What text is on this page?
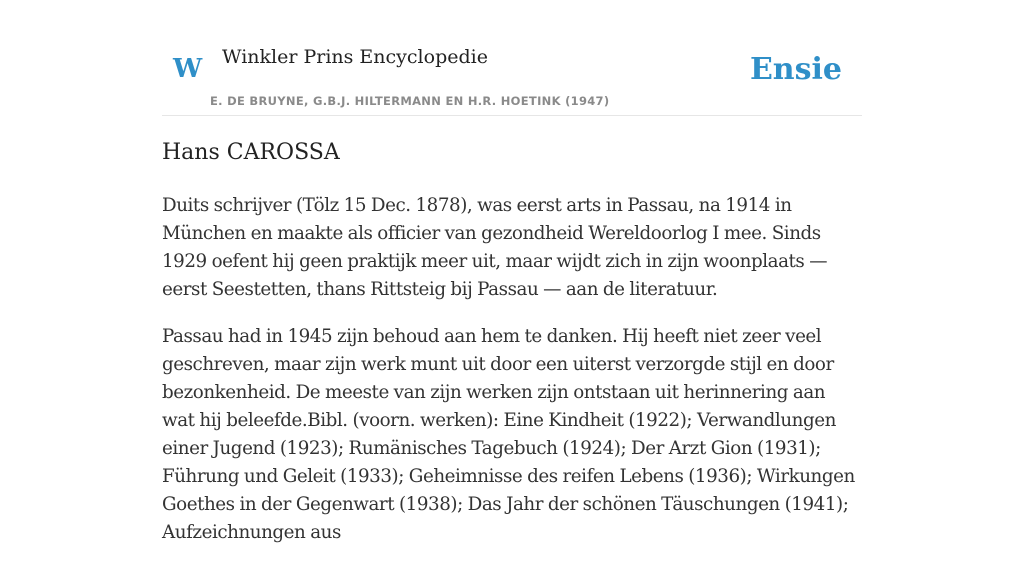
W Winkler Prins Encyclopedie
E. DE BRUYNE, G.B.J. HILTERMANN EN H.R. HOETINK (1947)
Ensie
Hans CAROSSA

Duits schrijver (Tölz 15 Dec. 1878), was eerst arts in Passau, na 1914 in München en maakte als officier van gezondheid Wereldoorlog I mee. Sinds 1929 oefent hij geen praktijk meer uit, maar wijdt zich in zijn woonplaats — eerst Seestetten, thans Rittsteig bij Passau — aan de literatuur.

Passau had in 1945 zijn behoud aan hem te danken. Hij heeft niet zeer veel geschreven, maar zijn werk munt uit door een uiterst verzorgde stijl en door bezonkenheid. De meeste van zijn werken zijn ontstaan uit herinnering aan wat hij beleefde.Bibl. (voorn. werken): Eine Kindheit (1922); Verwandlungen einer Jugend (1923); Rumänisches Tagebuch (1924); Der Arzt Gion (1931); Führung und Geleit (1933); Geheimnisse des reifen Lebens (1936); Wirkungen Goethes in der Gegenwart (1938); Das Jahr der schönen Täuschungen (1941); Aufzeichnungen aus
